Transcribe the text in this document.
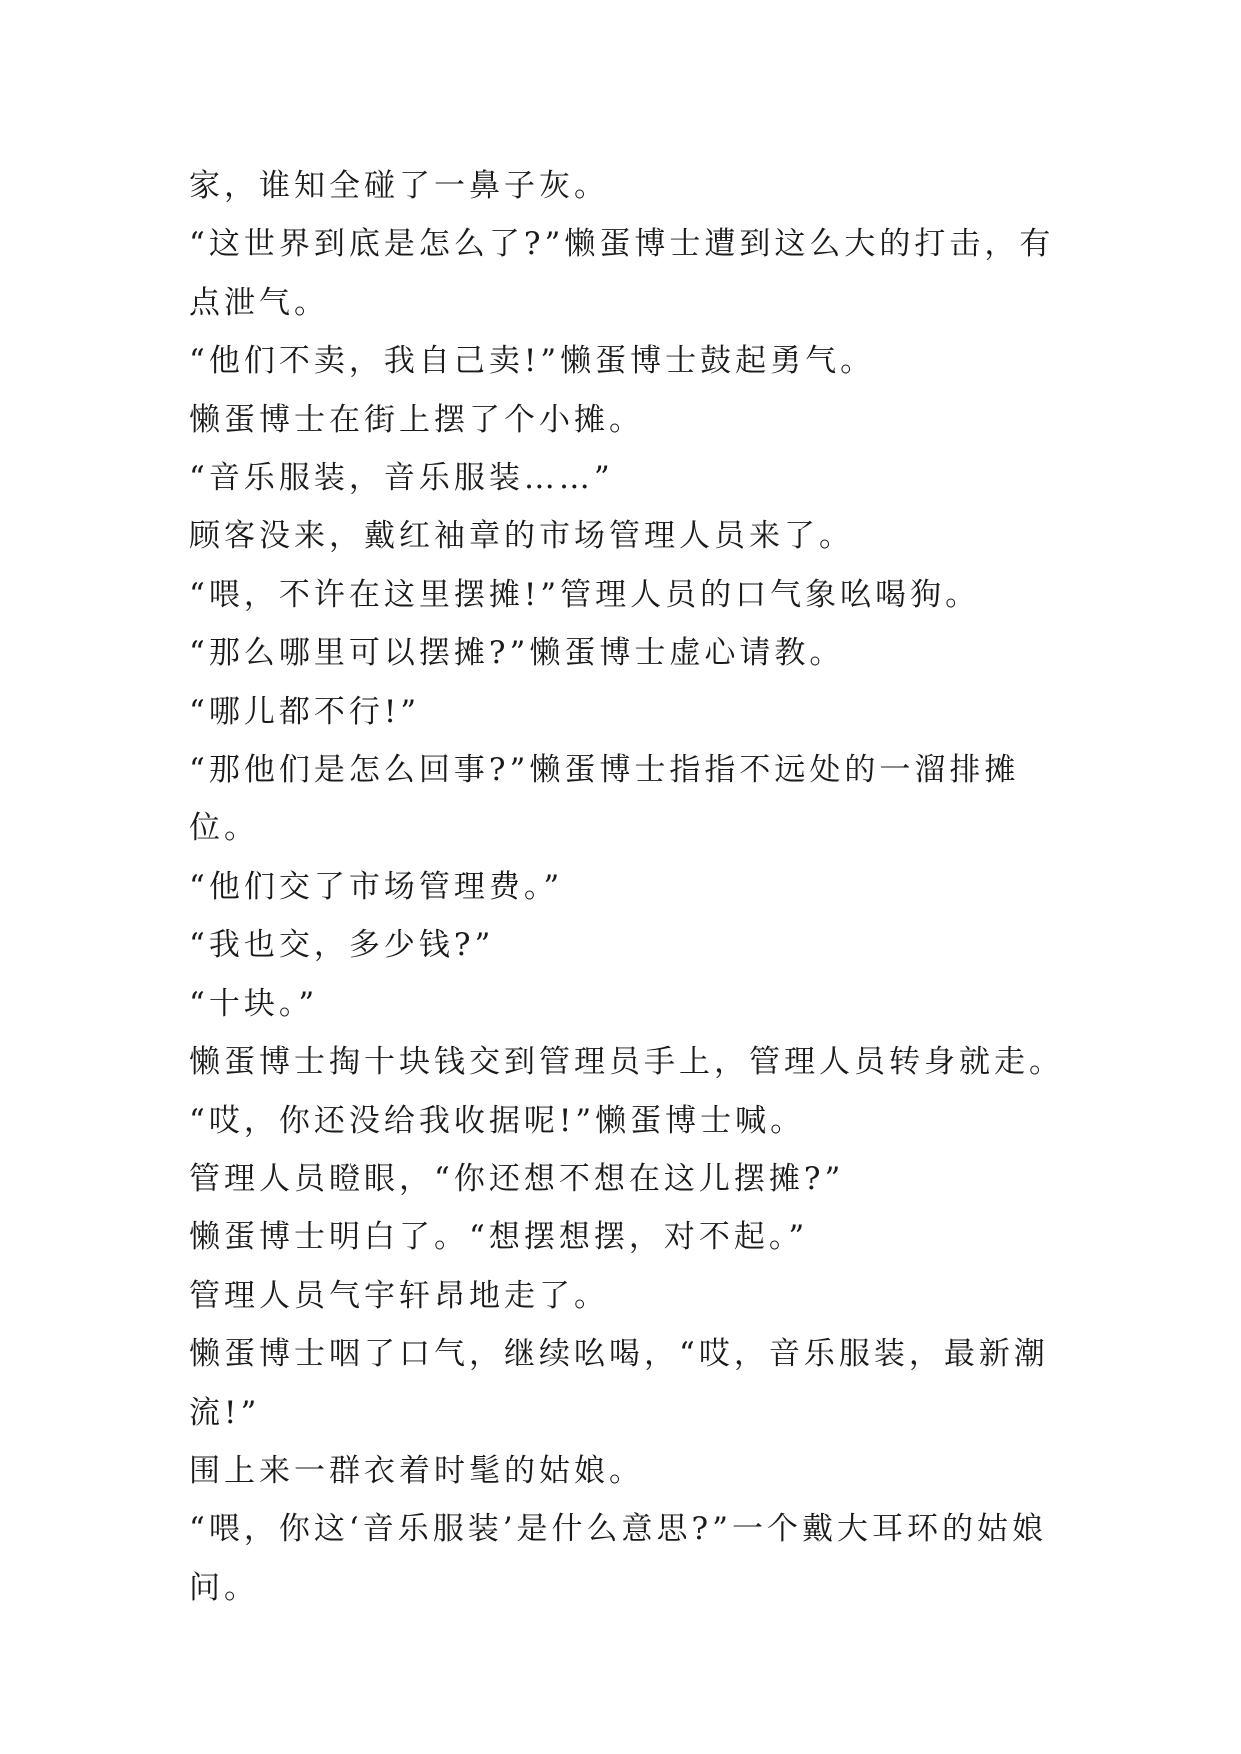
家，谁知全碰了一鼻子灰。

“这世界到底是怎么了?”懒蛋博士遭到这么大的打击，有点泄气。

“他们不卖，我自己卖!”懒蛋博士鼓起勇气。

懒蛋博士在街上摆了个小摊。

“音乐服装，音乐服装……”

顾客没来，戴红袖章的市场管理人员来了。

“喂，不许在这里摆摊!”管理人员的口气象吆喝狗。

“那么哪里可以摆摊?”懒蛋博士虚心请教。

“哪儿都不行!”

“那他们是怎么回事?”懒蛋博士指指不远处的一溜排摊位。

“他们交了市场管理费。”

“我也交，多少钱?”

“十块。”

懒蛋博士掏十块钱交到管理员手上，管理人员转身就走。

“哎，你还没给我收据呢!”懒蛋博士喊。

管理人员瞪眼，“你还想不想在这儿摆摊?”

懒蛋博士明白了。“想摆想摆，对不起。”

管理人员气宇轩昂地走了。

懒蛋博士咽了口气，继续吆喝，“哎，音乐服装，最新潮流!”

围上来一群衣着时髦的姑娘。

“喂，你这‘音乐服装’是什么意思?”一个戴大耳环的姑娘问。
